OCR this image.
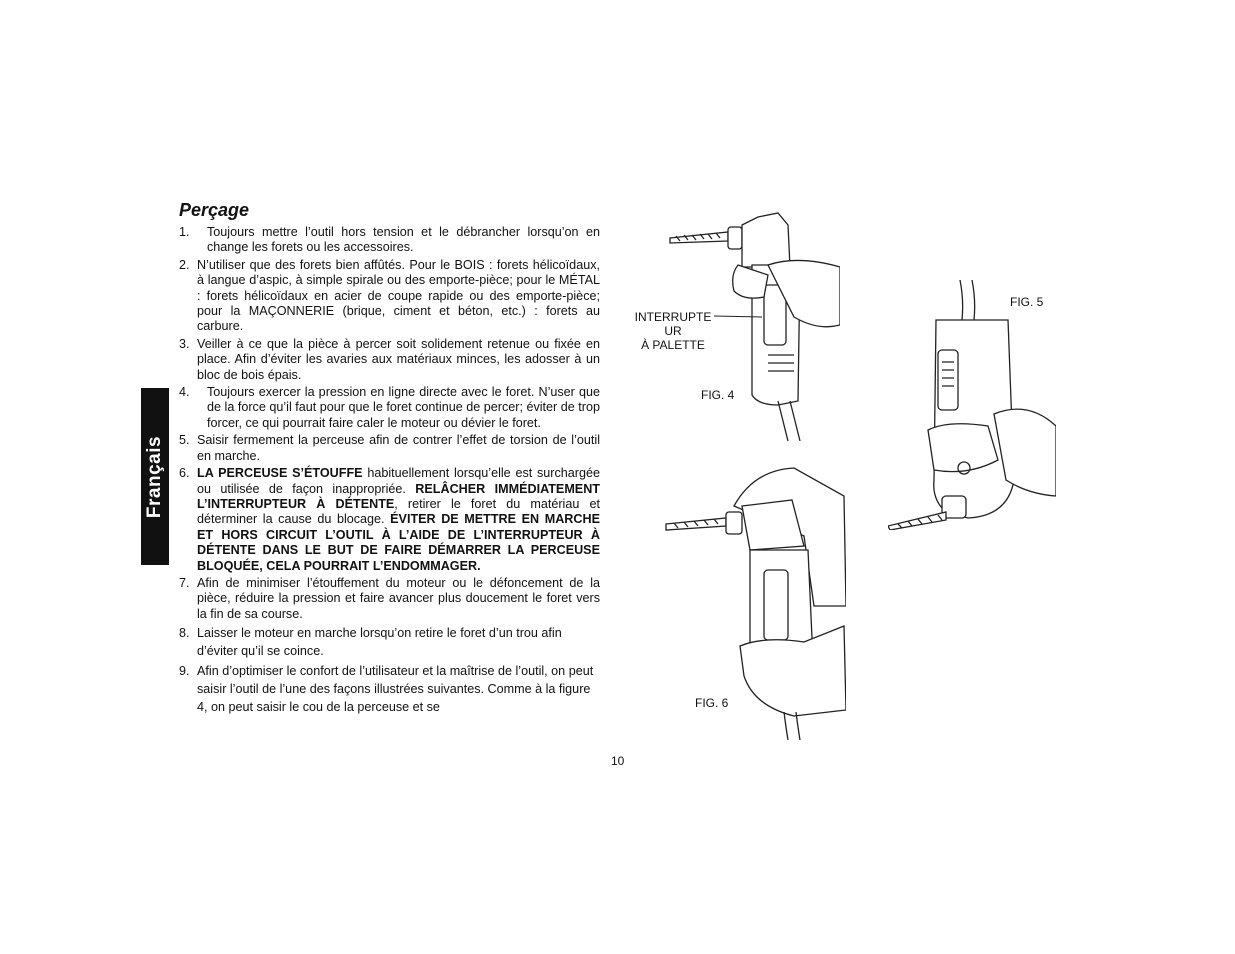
Français
Perçage
1. Toujours mettre l’outil hors tension et le débrancher lorsqu’on en change les forets ou les accessoires.
2. N’utiliser que des forets bien affûtés. Pour le BOIS : forets hélicoïdaux, à langue d’aspic, à simple spirale ou des emporte-pièce; pour le MÉTAL : forets hélicoïdaux en acier de coupe rapide ou des emporte-pièce; pour la MAÇONNERIE (brique, ciment et béton, etc.) : forets au carbure.
3. Veiller à ce que la pièce à percer soit solidement retenue ou fixée en place. Afin d’éviter les avaries aux matériaux minces, les adosser à un bloc de bois épais.
4. Toujours exercer la pression en ligne directe avec le foret. N’user que de la force qu’il faut pour que le foret continue de percer; éviter de trop forcer, ce qui pourrait faire caler le moteur ou dévier le foret.
5. Saisir fermement la perceuse afin de contrer l’effet de torsion de l’outil en marche.
6. LA PERCEUSE S’ÉTOUFFE habituellement lorsqu’elle est surchargée ou utilisée de façon inappropriée. RELÂCHER IMMÉDIATEMENT L’INTERRUPTEUR À DÉTENTE, retirer le foret du matériau et déterminer la cause du blocage. ÉVITER DE METTRE EN MARCHE ET HORS CIRCUIT L’OUTIL À L’AIDE DE L’INTERRUPTEUR À DÉTENTE DANS LE BUT DE FAIRE DÉMARRER LA PERCEUSE BLOQUÉE, CELA POURRAIT L’ENDOMMAGER.
7. Afin de minimiser l’étouffement du moteur ou le défoncement de la pièce, réduire la pression et faire avancer plus doucement le foret vers la fin de sa course.
8. Laisser le moteur en marche lorsqu’on retire le foret d’un trou afin d’éviter qu’il se coince.
9. Afin d’optimiser le confort de l’utilisateur et la maîtrise de l’outil, on peut saisir l’outil de l’une des façons illustrées suivantes. Comme à la figure 4, on peut saisir le cou de la perceuse et se
INTERRUPTE
UR
À PALETTE
FIG. 4
FIG. 5
FIG. 6
10
